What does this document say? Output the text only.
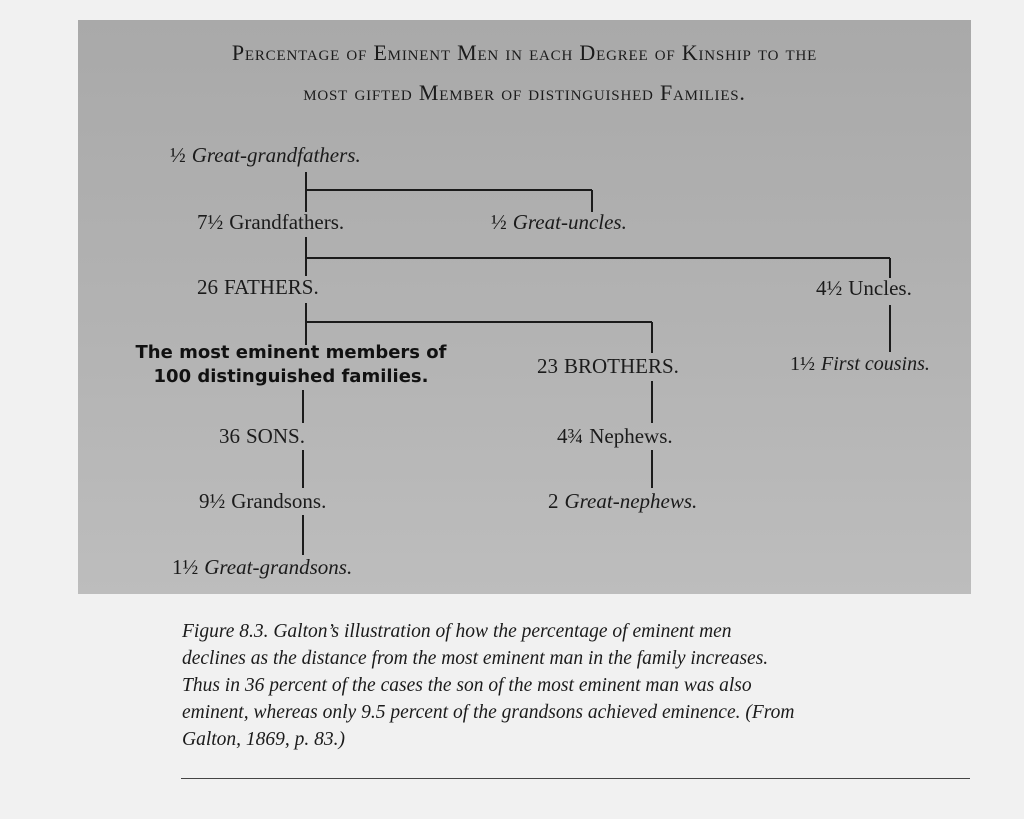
Percentage of Eminent Men in each Degree of Kinship to the
most gifted Member of distinguished Families.
½ Great-grandfathers.
7½ Grandfathers.	½ Great-uncles.
26 FATHERS.	4½ Uncles.
The most eminent members of
100 distinguished families.	23 BROTHERS.	1½ First cousins.
36 SONS.	4¾ Nephews.
9½ Grandsons.	2 Great-nephews.
1½ Great-grandsons.
Figure 8.3. Galton’s illustration of how the percentage of eminent men
declines as the distance from the most eminent man in the family increases.
Thus in 36 percent of the cases the son of the most eminent man was also
eminent, whereas only 9.5 percent of the grandsons achieved eminence. (From
Galton, 1869, p. 83.)
